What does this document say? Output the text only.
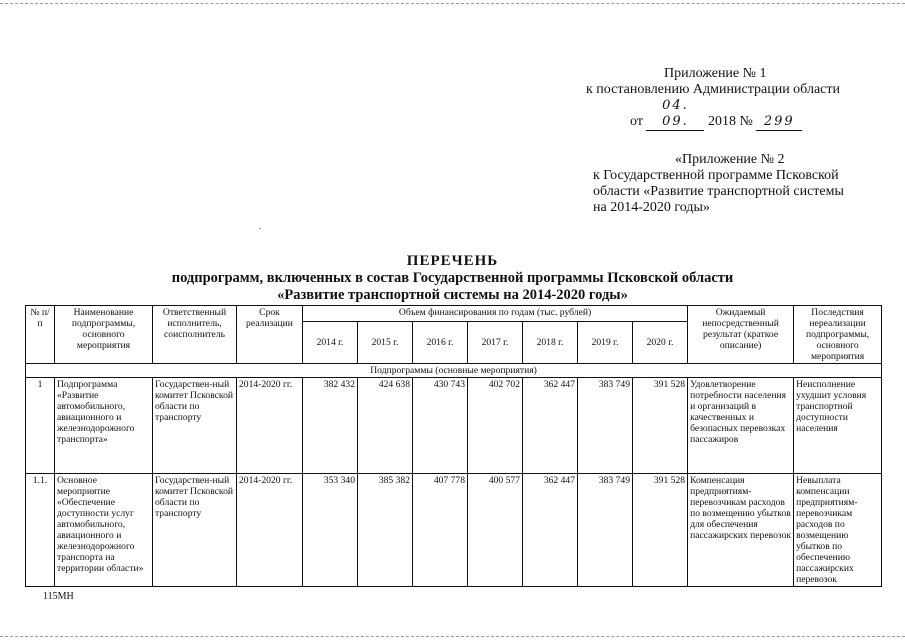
Приложение № 1
к постановлению Администрации области
от 04. 09. 2018 № 299
«Приложение № 2
к Государственной программе Псковской
области «Развитие транспортной системы
на 2014-2020 годы»
ПЕРЕЧЕНЬ
подпрограмм, включенных в состав Государственной программы Псковской области
«Развитие транспортной системы на 2014-2020 годы»
№ п/п	Наименование подпрограммы, основного мероприятия	Ответственный исполнитель, соисполнитель	Срок реализации	Объем финансирования по годам (тыс. рублей)							Ожидаемый непосредственный результат (краткое описание)	Последствия нереализации подпрограммы, основного мероприятия
				2014 г.	2015 г.	2016 г.	2017 г.	2018 г.	2019 г.	2020 г.		
Подпрограммы (основные мероприятия)												
1	Подпрограмма «Развитие автомобильного, авиационного и железнодорожного транспорта»	Государствен-ный комитет Псковской области по транспорту	2014-2020 гг.	382 432	424 638	430 743	402 702	362 447	383 749	391 528	Удовлетворение потребности населения и организаций в качественных и безопасных перевозках пассажиров	Неисполнение ухудшит условия транспортной доступности населения
1.1.	Основное мероприятие «Обеспечение доступности услуг автомобильного, авиационного и железнодорожного транспорта на территории области»	Государствен-ный комитет Псковской области по транспорту	2014-2020 гг.	353 340	385 382	407 778	400 577	362 447	383 749	391 528	Компенсация предприятиям-перевозчикам расходов по возмещению убытков для обеспечения пассажирских перевозок	Невыплата компенсации предприятиям-перевозчикам расходов по возмещению убытков по обеспечению пассажирских перевозок
115МН
